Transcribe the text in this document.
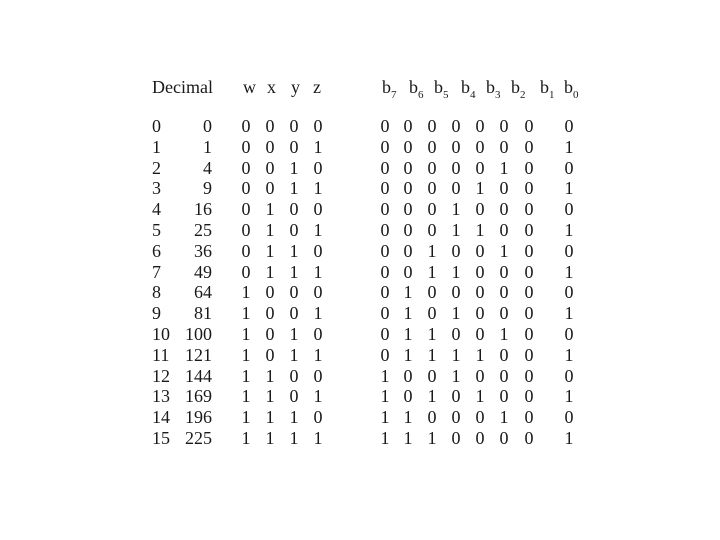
Decimal w x y z	$b_7$ $b_6$ $b_5$ $b_4$ $b_3$ $b_2$ $b_1$ $b_0$
0	0 0 0 0 0	0 0 0 0 0 0 0 0
1	1 0 0 0 1	0 0 0 0 0 0 0 1
2	4 0 0 1 0	0 0 0 0 0 1 0 0
3	9 0 0 1 1	0 0 0 0 1 0 0 1
4	16 0 1 0 0	0 0 0 1 0 0 0 0
5	25 0 1 0 1	0 0 0 1 1 0 0 1
6	36 0 1 1 0	0 0 1 0 0 1 0 0
7	49 0 1 1 1	0 0 1 1 0 0 0 1
8	64 1 0 0 0	0 1 0 0 0 0 0 0
9	81 1 0 0 1	0 1 0 1 0 0 0 1
10 100 1 0 1 0	0 1 1 0 0 1 0 0
11 121 1 0 1 1	0 1 1 1 1 0 0 1
12 144 1 1 0 0	1 0 0 1 0 0 0 0
13 169 1 1 0 1	1 0 1 0 1 0 0 1
14 196 1 1 1 0	1 1 0 0 0 1 0 0
15 225 1 1 1 1	1 1 1 0 0 0 0 1
